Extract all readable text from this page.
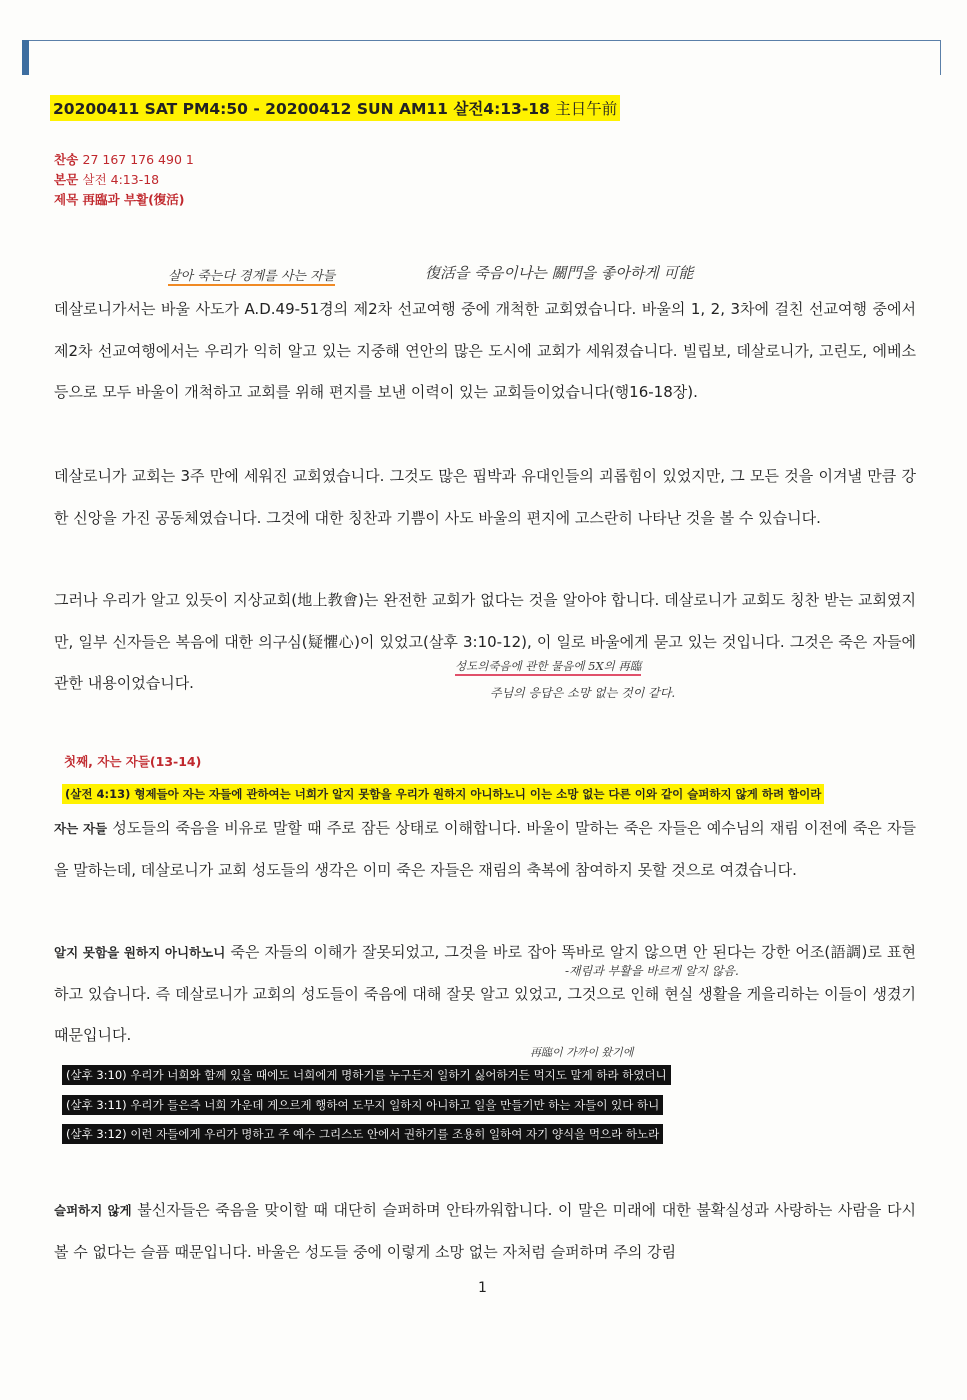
20200411 SAT PM4:50 - 20200412 SUN AM11 살전4:13-18 主日午前
찬송 27 167 176 490 1
본문 살전 4:13-18
제목 再臨과 부활(復活)
살아 죽는다 경계를 사는 자들	復活을 죽음이나는 關門을 좋아하게 可能
데살로니가서는 바울 사도가 A.D.49-51경의 제2차 선교여행 중에 개척한 교회였습니다. 바울의 1, 2, 3차에 걸친 선교여행 중에서 제2차 선교여행에서는 우리가 익히 알고 있는 지중해 연안의 많은 도시에 교회가 세워졌습니다. 빌립보, 데살로니가, 고린도, 에베소 등으로 모두 바울이 개척하고 교회를 위해 편지를 보낸 이력이 있는 교회들이었습니다(행16-18장).
데살로니가 교회는 3주 만에 세워진 교회였습니다. 그것도 많은 핍박과 유대인들의 괴롭힘이 있었지만, 그 모든 것을 이겨낼 만큼 강한 신앙을 가진 공동체였습니다. 그것에 대한 칭찬과 기쁨이 사도 바울의 편지에 고스란히 나타난 것을 볼 수 있습니다.
그러나 우리가 알고 있듯이 지상교회(地上教會)는 완전한 교회가 없다는 것을 알아야 합니다. 데살로니가 교회도 칭찬 받는 교회였지만, 일부 신자들은 복음에 대한 의구심(疑懼心)이 있었고(살후 3:10-12), 이 일로 바울에게 묻고 있는 것입니다. 그것은 죽은 자들에 관한 내용이었습니다.
성도의죽음에 관한 물음에 5X의 再臨
주님의 응답은 소망 없는 것이 같다.
첫째, 자는 자들(13-14)
(살전 4:13) 형제들아 자는 자들에 관하여는 너희가 알지 못함을 우리가 원하지 아니하노니 이는 소망 없는 다른 이와 같이 슬퍼하지 않게 하려 함이라
자는 자들 성도들의 죽음을 비유로 말할 때 주로 잠든 상태로 이해합니다. 바울이 말하는 죽은 자들은 예수님의 재림 이전에 죽은 자들을 말하는데, 데살로니가 교회 성도들의 생각은 이미 죽은 자들은 재림의 축복에 참여하지 못할 것으로 여겼습니다.
알지 못함을 원하지 아니하노니 죽은 자들의 이해가 잘못되었고, 그것을 바로 잡아 똑바로 알지 않으면 안 된다는 강한 어조(語調)로 표현하고 있습니다. 즉 데살로니가 교회의 성도들이 죽음에 대해 잘못 알고 있었고, 그것으로 인해 현실 생활을 게을리하는 이들이 생겼기 때문입니다.
-재림과 부활을 바르게 알지 않음.
再臨이 가까이 왔기에
(살후 3:10) 우리가 너희와 함께 있을 때에도 너희에게 명하기를 누구든지 일하기 싫어하거든 먹지도 말게 하라 하였더니
(살후 3:11) 우리가 들은즉 너희 가운데 게으르게 행하여 도무지 일하지 아니하고 일을 만들기만 하는 자들이 있다 하니
(살후 3:12) 이런 자들에게 우리가 명하고 주 예수 그리스도 안에서 권하기를 조용히 일하여 자기 양식을 먹으라 하노라
슬퍼하지 않게 불신자들은 죽음을 맞이할 때 대단히 슬퍼하며 안타까워합니다. 이 말은 미래에 대한 불확실성과 사랑하는 사람을 다시 볼 수 없다는 슬픔 때문입니다. 바울은 성도들 중에 이렇게 소망 없는 자처럼 슬퍼하며 주의 강림
1
